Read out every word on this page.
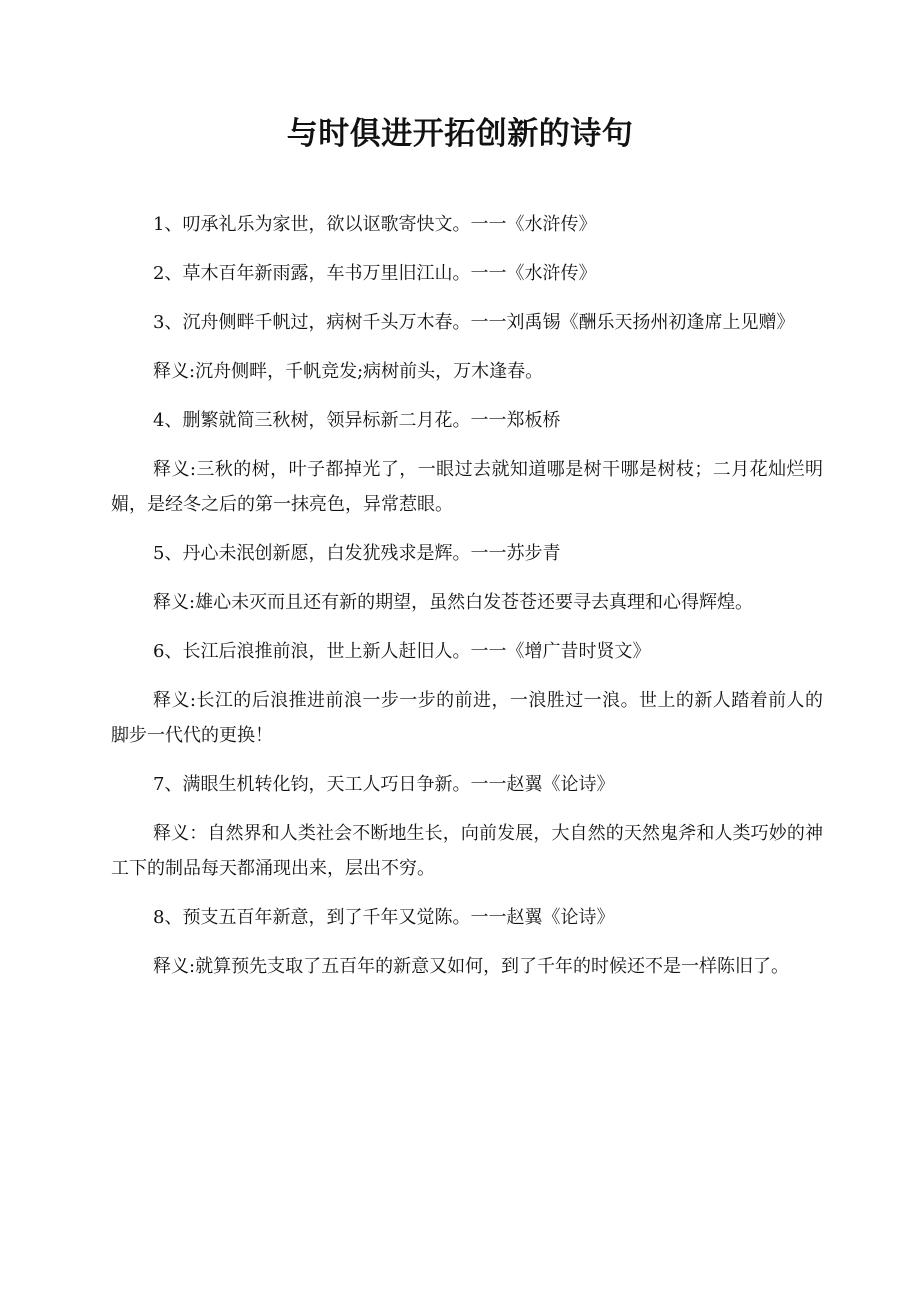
与时俱进开拓创新的诗句

1、叨承礼乐为家世，欲以讴歌寄快文。一一《水浒传》

2、草木百年新雨露，车书万里旧江山。一一《水浒传》

3、沉舟侧畔千帆过，病树千头万木春。一一刘禹锡《酬乐天扬州初逢席上见赠》

释义:沉舟侧畔，千帆竞发;病树前头，万木逢春。

4、删繁就简三秋树，领异标新二月花。一一郑板桥

释义:三秋的树，叶子都掉光了，一眼过去就知道哪是树干哪是树枝；二月花灿烂明媚，是经冬之后的第一抹亮色，异常惹眼。

5、丹心未泯创新愿，白发犹残求是辉。一一苏步青

释义:雄心未灭而且还有新的期望，虽然白发苍苍还要寻去真理和心得辉煌。

6、长江后浪推前浪，世上新人赶旧人。一一《增广昔时贤文》

释义:长江的后浪推进前浪一步一步的前进，一浪胜过一浪。世上的新人踏着前人的脚步一代代的更换！

7、满眼生机转化钧，天工人巧日争新。一一赵翼《论诗》

释义：自然界和人类社会不断地生长，向前发展，大自然的天然鬼斧和人类巧妙的神工下的制品每天都涌现出来，层出不穷。

8、预支五百年新意，到了千年又觉陈。一一赵翼《论诗》

释义:就算预先支取了五百年的新意又如何，到了千年的时候还不是一样陈旧了。
